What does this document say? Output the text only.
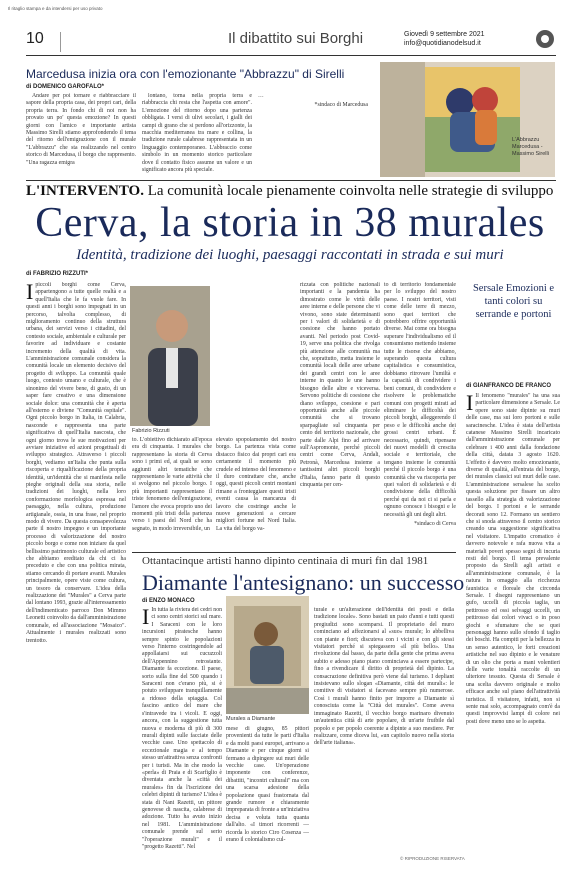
Il ritaglio stampa e da intendersi per uso privato
10	Il dibattito sui Borghi	Giovedì 9 settembre 2021
info@quotidianodelsud.it
Marcedusa inizia ora con l'emozionante "Abbrazzu" di Sirelli
di DOMENICO GAROFALO*

Andare per poi tornare e riabbracciare il sapore della propria casa, dei propri cari, della propria terra. In fondo chi di noi non ha provato un po' questa emozione? In questi giorni con l'amico e importante artista Massimo Sirelli stiamo approfondendo il tema del ritorno dell'emigrazione con il murale "L'abbrazzu" che sta realizzando nel centro storico di Marcedusa, il borgo che rappresento. "Una ragazza emigra

lontano, torna nella propria terra e riabbraccia chi resta che l'aspetta con amore". L'emozione del ritorno dopo una partenza obbligata. I versi di ulivi secolari, i gialli dei campi di grano che si perdono all'orizzonte, la macchia mediterranea tra mare e collina, la tradizione rurale calabrese rappresentata in un linguaggio contemporaneo. L'abbraccio come simbolo in un momento storico particolare dove il contatto fisico assume un valore e un significato ancora più speciale.

…

*sindaco di Marcedusa

L'Abbrazzu Marcedusa - Massimo Sirelli
L'INTERVENTO. La comunità locale pienamente coinvolta nelle strategie di sviluppo
Cerva, la storia in 38 murales
Identità, tradizione dei luoghi, paesaggi raccontati in strada e sui muri
di FABRIZIO RIZZUTI*
Ipiccoli borghi come Cerva, appartengono a tutte quelle realtà e a quell'Italia che le fa vuole fare. In questi anni i borghi sono impegnati in un percorso, talvolta complesso, di miglioramento continuo della struttura urbana, dei servizi verso i cittadini, del contesto sociale, ambientale e culturale per favorire ad individuare e costante incremento della qualità di vita. L'amministrazione comunale considera la comunità locale un elemento decisivo del progetto di sviluppo. La comunità quale luogo, contesto umano e culturale, che è sinonimo del vivere bene, di gusto, di un saper fare creativo e una dimensione sociale dolce: una comunità che è aperta all'esterno e diviene "Comunità ospitale". Ogni piccolo borgo in Italia, in Calabria, nasconde e rappresenta una parte significativa di quell'Italia nascosta, che ogni giorno trova le sue motivazioni per avviare iniziative ed azioni progettuali di sviluppo strategico. Attraverso i piccoli borghi, vediamo un'Italia che punta sulla riscoperta e riqualificazione della propria identità, un'identità che si manifesta nelle pieghe originali della sua storia, nelle tradizioni dei luoghi, nella loro conformazione morfologica espressa nel paesaggio, nella cultura, produzione artigianale, ossia, in una frase, nel proprio modo di vivere. Da questa consapevolezza parte il nostro impegno e un importante processo di valorizzazione del nostro piccolo borgo e come non iniziare da quel bellissimo patrimonio culturale ed artistico che abbiamo ereditato da chi ci ha preceduto e che con una politica mirata, stiamo cercando di portare avanti. Murales principalmente, opere viste come cultura, un tesoro da conservare. L'idea della realizzazione dei "Murales" a Cerva parte dal lontano 1993, grazie all'interessamento dell'indimenticato parroco Don Mimmo Leonetti coinvolto da dall'amministrazione comunale, ed all'associazione "Mosaico". Attualmente i murales realizzati sono trentotto.
Fabrizio Rizzuti

to. L'obiettivo dichiarato all'epoca era di cinquanta. I murales che rappresentano la storia di Cerva sono i primi ed, ai quali se sono aggiunti altri tematiche che rappresentano le varie attività che si svolgono nel piccolo borgo. I più importanti rappresentano il triste fenomeno dell'emigrazione, l'amore che evoca proprio uno dei momenti più tristi della partenza verso i paesi del Nord che ha segnato, in modo irreversibile, un

elevato spopolamento del nostro borgo. La partenza vista come distacco fisico dai propri cari era certamente il momento più crudele ed intenso del fenomeno e il duro contrattare che, anche oggi, questi piccoli centri montani rimane a fronteggiare questi tristi eventi causa la mancanza di lavoro che costringe anche le nuove generazioni a cercare migliori fortune nel Nord Italia. La vita del borgo va-

rizzata con politiche nazionali importanti e la pandemia ha dimostrato come le virtù delle aree interne e delle persone che vi vivono, sono state determinanti per i valori di solidarietà e di coesione che hanno portato avanti. Nel periodo post Covid-19, serve una politica che rivolga più attenzione alle comunità ma che, soprattutto, metta insieme le comunità locali delle aree urbane dei grandi centri con le aree interne in quanto le une hanno bisogno delle altre e viceversa. Servono politiche di coesione che diano sviluppo, coesione e pari opportunità anche alle piccole comunità che si trovano sparpagliate sul cinquanta per cento del territorio nazionale, che parte dalle Alpi fino ad arrivare sull'Aspromonte, perché piccoli centri come Cerva, Andali, Petronà, Marcedusa insieme a tantissimi altri piccoli borghi d'Italia, fanno parte di questo cinquanta per cen-

to di territorio fondamentale per lo sviluppo del nostro paese. I nostri territori, visti come delle terre di mezzo, sono quei territori che potrebbero offrire opportunità diverse. Mai come ora bisogna superare l'individualismo ed il consumismo mettendo insieme tutte le risorse che abbiamo, superando questa cultura capitalistica e consumistica, dobbiamo ritrovare l'umiltà e la capacità di condividere i beni comuni, di condividere e risolvere le problematiche comuni con progetti mirati ad eliminare le difficoltà dei piccoli borghi, alleggerendo il peso e le difficoltà anche dei grossi centri urbani. È necessario, quindi, ripensare dei nuovi modelli di crescita sociale e territoriale, che tengano insieme le comunità perché il piccolo borgo è una comunità che va riscoperta per quei valori di solidarietà e di condivisione della difficoltà perché qui da noi ci si parla e ognuno conosce i bisogni e le necessità gli uni degli altri.

*sindaco di Cerva

Sersale Emozioni e tanti colori su serrande e portoni
di GIANFRANCO DE FRANCO
I Il fenomeno "murales" ha una sua particolare dimensione a Sersale. Le opere sono state dipinte su muri delle case, ma sui loro portoni e sulle saracinesche. L'idea è stata dell'artista catanese Massimo Sirelli incaricato dall'amministrazione comunale per celebrare i 400 anni dalla fondazione della città, datata 3 agosto 1620. L'effetto è davvero molto emozionante, diverse di qualità, all'entrata del borgo, dei murales classici sui muri delle case. L'amministrazione sersalese ha scelto questa soluzione per fissare un altro tassello alla strategia di valorizzazione del borgo. I portoni e le serrande decorati sono 12. Formano un sentiero che si snoda attraverso il centro storico creando una suggestione significativa nel visitatore. L'impatto cromatico è davvero notevole e rafa nuova vita a materiali poveri spesso segni di incuria resti del borgo. Il tema prevalente proposto da Sirelli agli artisti e all'amministrazione comunale, è la natura in omaggio alla ricchezza faunistica e floreale che circonda Sersale. I disegni rappresentano un gufo, uccelli di piccola taglia, un pettirosso ed ossi selvaggi uccelli, un pettirosso dai colori vivaci o in poso giochi e sfumature che se quei personaggi hanno sullo sfondo il taglio dei boschi. Ha compiti per la bellezza in un senso autentico, le forti creazioni artistiche nel suo dipinto e le venature di un olio che porta a mani volentieri delle varie tonalità raccolte di un ulteriore tessuto. Questa di Sersale è una scelta davvero originale e molto efficace anche sul piano dell'attrattività turistica. Il visitatore, infatti, non si sente mai solo, accompagnato com'è da questi improvvisi lampi di colore nei posti dove meno uno se lo aspetta.
Ottantacinque artisti hanno dipinto centinaia di muri fin dal 1981
Diamante l'antesignano: un successo
di ENZO MONACO
I In tutta la riviera dei cedri non ci sono centri storici sul mare. I Saraceni con le loro incursioni piratesche hanno sempre spinto le popolazioni verso l'interno costringendole ad appollaiarsi sui cucuzzoli dell'Appennino retrostante. Diamante fa eccezione. Il paese, sorto sulla fine del 500 quando i Saraceni non c'erano più, si è potuto sviluppare tranquillamente a ridosso della spiaggia. Col fascino antico del mare che s'intravede tra i vicoli. E oggi, ancora, con la suggestione tutta nuova e moderna di più di 300 murali dipinti sulle facciate delle vecchie case. Uno spettacolo di eccezionale magia e al tempo stesso un'attrattiva senza confronti per i turisti. Ma in che modo la «perla» di Praia e di Scarfiglio è diventata anche la «città dei murales» fin da l'iscrizione dei celebri dipinti di turismo? L'idea è stata di Nani Razetti, un pittore genovese di nascita, calabrese di adozione. Tutto ha avuto inizio nel 1981. L'amministrazione comunale prende sul serio "l'operazione murali" e il "progetto Razetti". Nel
Murales a Diamante

mese di giugno, 85 pittori provenienti da tutte le parti d'Italia e da molti paesi europei, arrivano a Diamante e per cinque giorni si fermano a dipingere sui muri delle vecchie case. Un'operazione imponente con conferenze, dibattiti, "incontri culturali" ma con una scarsa adesione della popolazione quasi frastornata dal grande rumore e chiaramente impreparata di fronte a un'iniziativa decisa e voluta tutta quanta dall'alto. «I timori ricorrenti — ricorda lo storico Ciro Cosenza — erano il colonialismo cul-

turale e un'alterazione dell'identità dei posti e della tradizione locale». Sono bastati un paio d'anni e tutti questi pregiudizi sono scomparsi. Il proprietario del muro cominciano ad affezionarsi al «suo» murale; lo abbelliva con piante e fiori; discuteva con i vicini e con gli stessi visitatori perché si spiegassero «il più bello». Una rivoluzione dal basso, da parte della gente che prima aveva subito e adesso piano piano cominciava a essere partecipe, fino a rivendicare il diritto di proprietà del dipinto. La consacrazione definitiva però viene dal turismo. I depliant insistevano sullo slogan «Diamante, città dei murali»: le comitive di visitatori si facevano sempre più numerose. Così i murali hanno finito per imporre a Diamante sì conosciuta come la "Città dei murales". Come aveva immaginato Razetti, il vecchio borgo marinaro divenuto un'autentica città di arte popolare, di un'arte fruibile dal popolo e per popolo coerente a dipinte a suo mestiere. Per realizzare, come diceva lui, «un capitolo nuovo nella storia dell'arte italiana».

© RIPRODUZIONE RISERVATA
